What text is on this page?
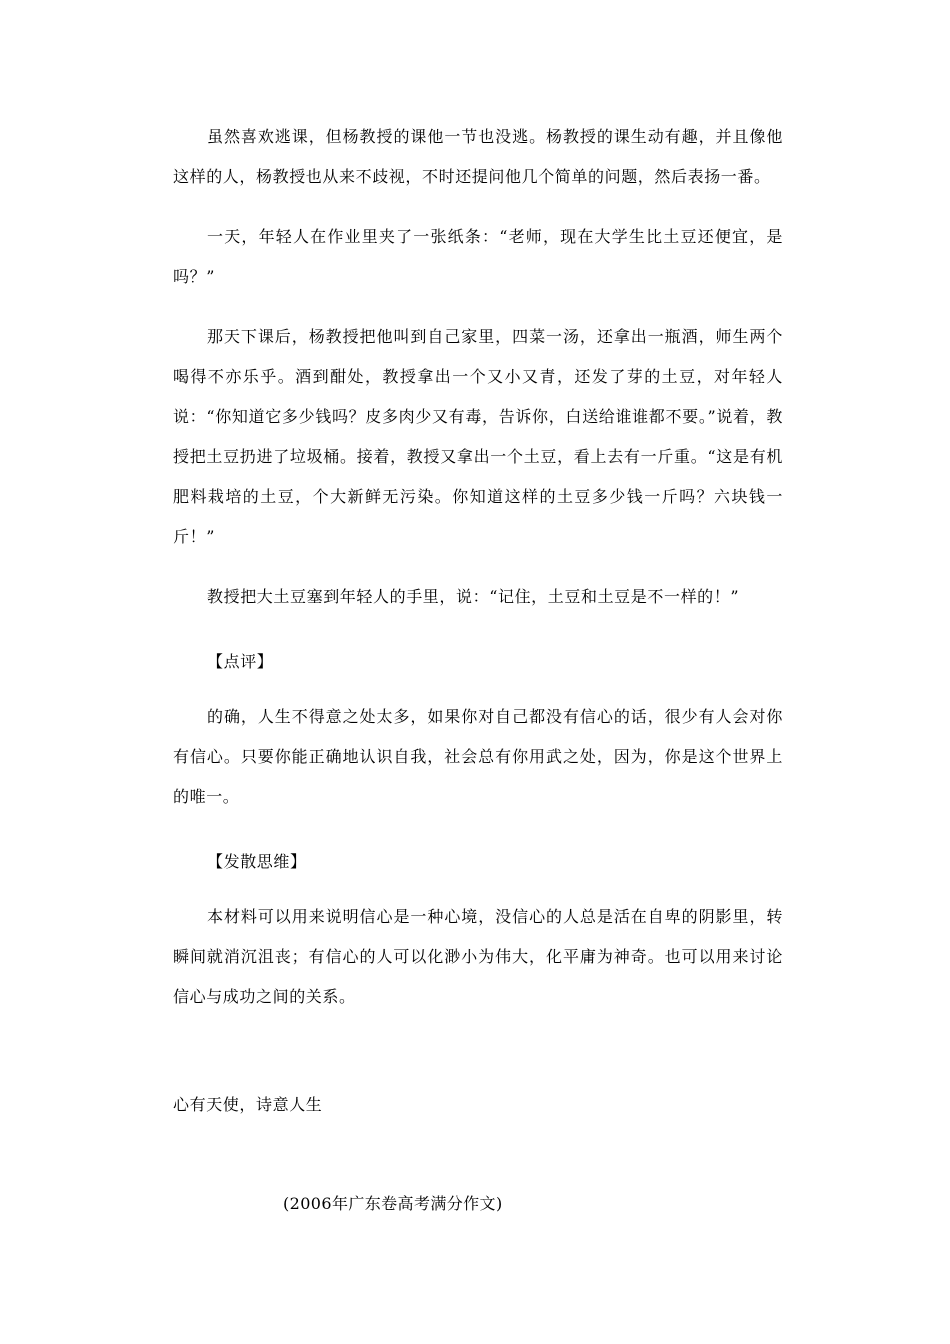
虽然喜欢逃课，但杨教授的课他一节也没逃。杨教授的课生动有趣，并且像他这样的人，杨教授也从来不歧视，不时还提问他几个简单的问题，然后表扬一番。

一天，年轻人在作业里夹了一张纸条：“老师，现在大学生比土豆还便宜，是吗？”

那天下课后，杨教授把他叫到自己家里，四菜一汤，还拿出一瓶酒，师生两个喝得不亦乐乎。酒到酣处，教授拿出一个又小又青，还发了芽的土豆，对年轻人说：“你知道它多少钱吗？皮多肉少又有毒，告诉你，白送给谁谁都不要。”说着，教授把土豆扔进了垃圾桶。接着，教授又拿出一个土豆，看上去有一斤重。“这是有机肥料栽培的土豆，个大新鲜无污染。你知道这样的土豆多少钱一斤吗？六块钱一斤！”

教授把大土豆塞到年轻人的手里，说：“记住，土豆和土豆是不一样的！”

【点评】

的确，人生不得意之处太多，如果你对自己都没有信心的话，很少有人会对你有信心。只要你能正确地认识自我，社会总有你用武之处，因为，你是这个世界上的唯一。

【发散思维】

本材料可以用来说明信心是一种心境，没信心的人总是活在自卑的阴影里，转瞬间就消沉沮丧；有信心的人可以化渺小为伟大，化平庸为神奇。也可以用来讨论信心与成功之间的关系。

心有天使，诗意人生

(2006年广东卷高考满分作文)
